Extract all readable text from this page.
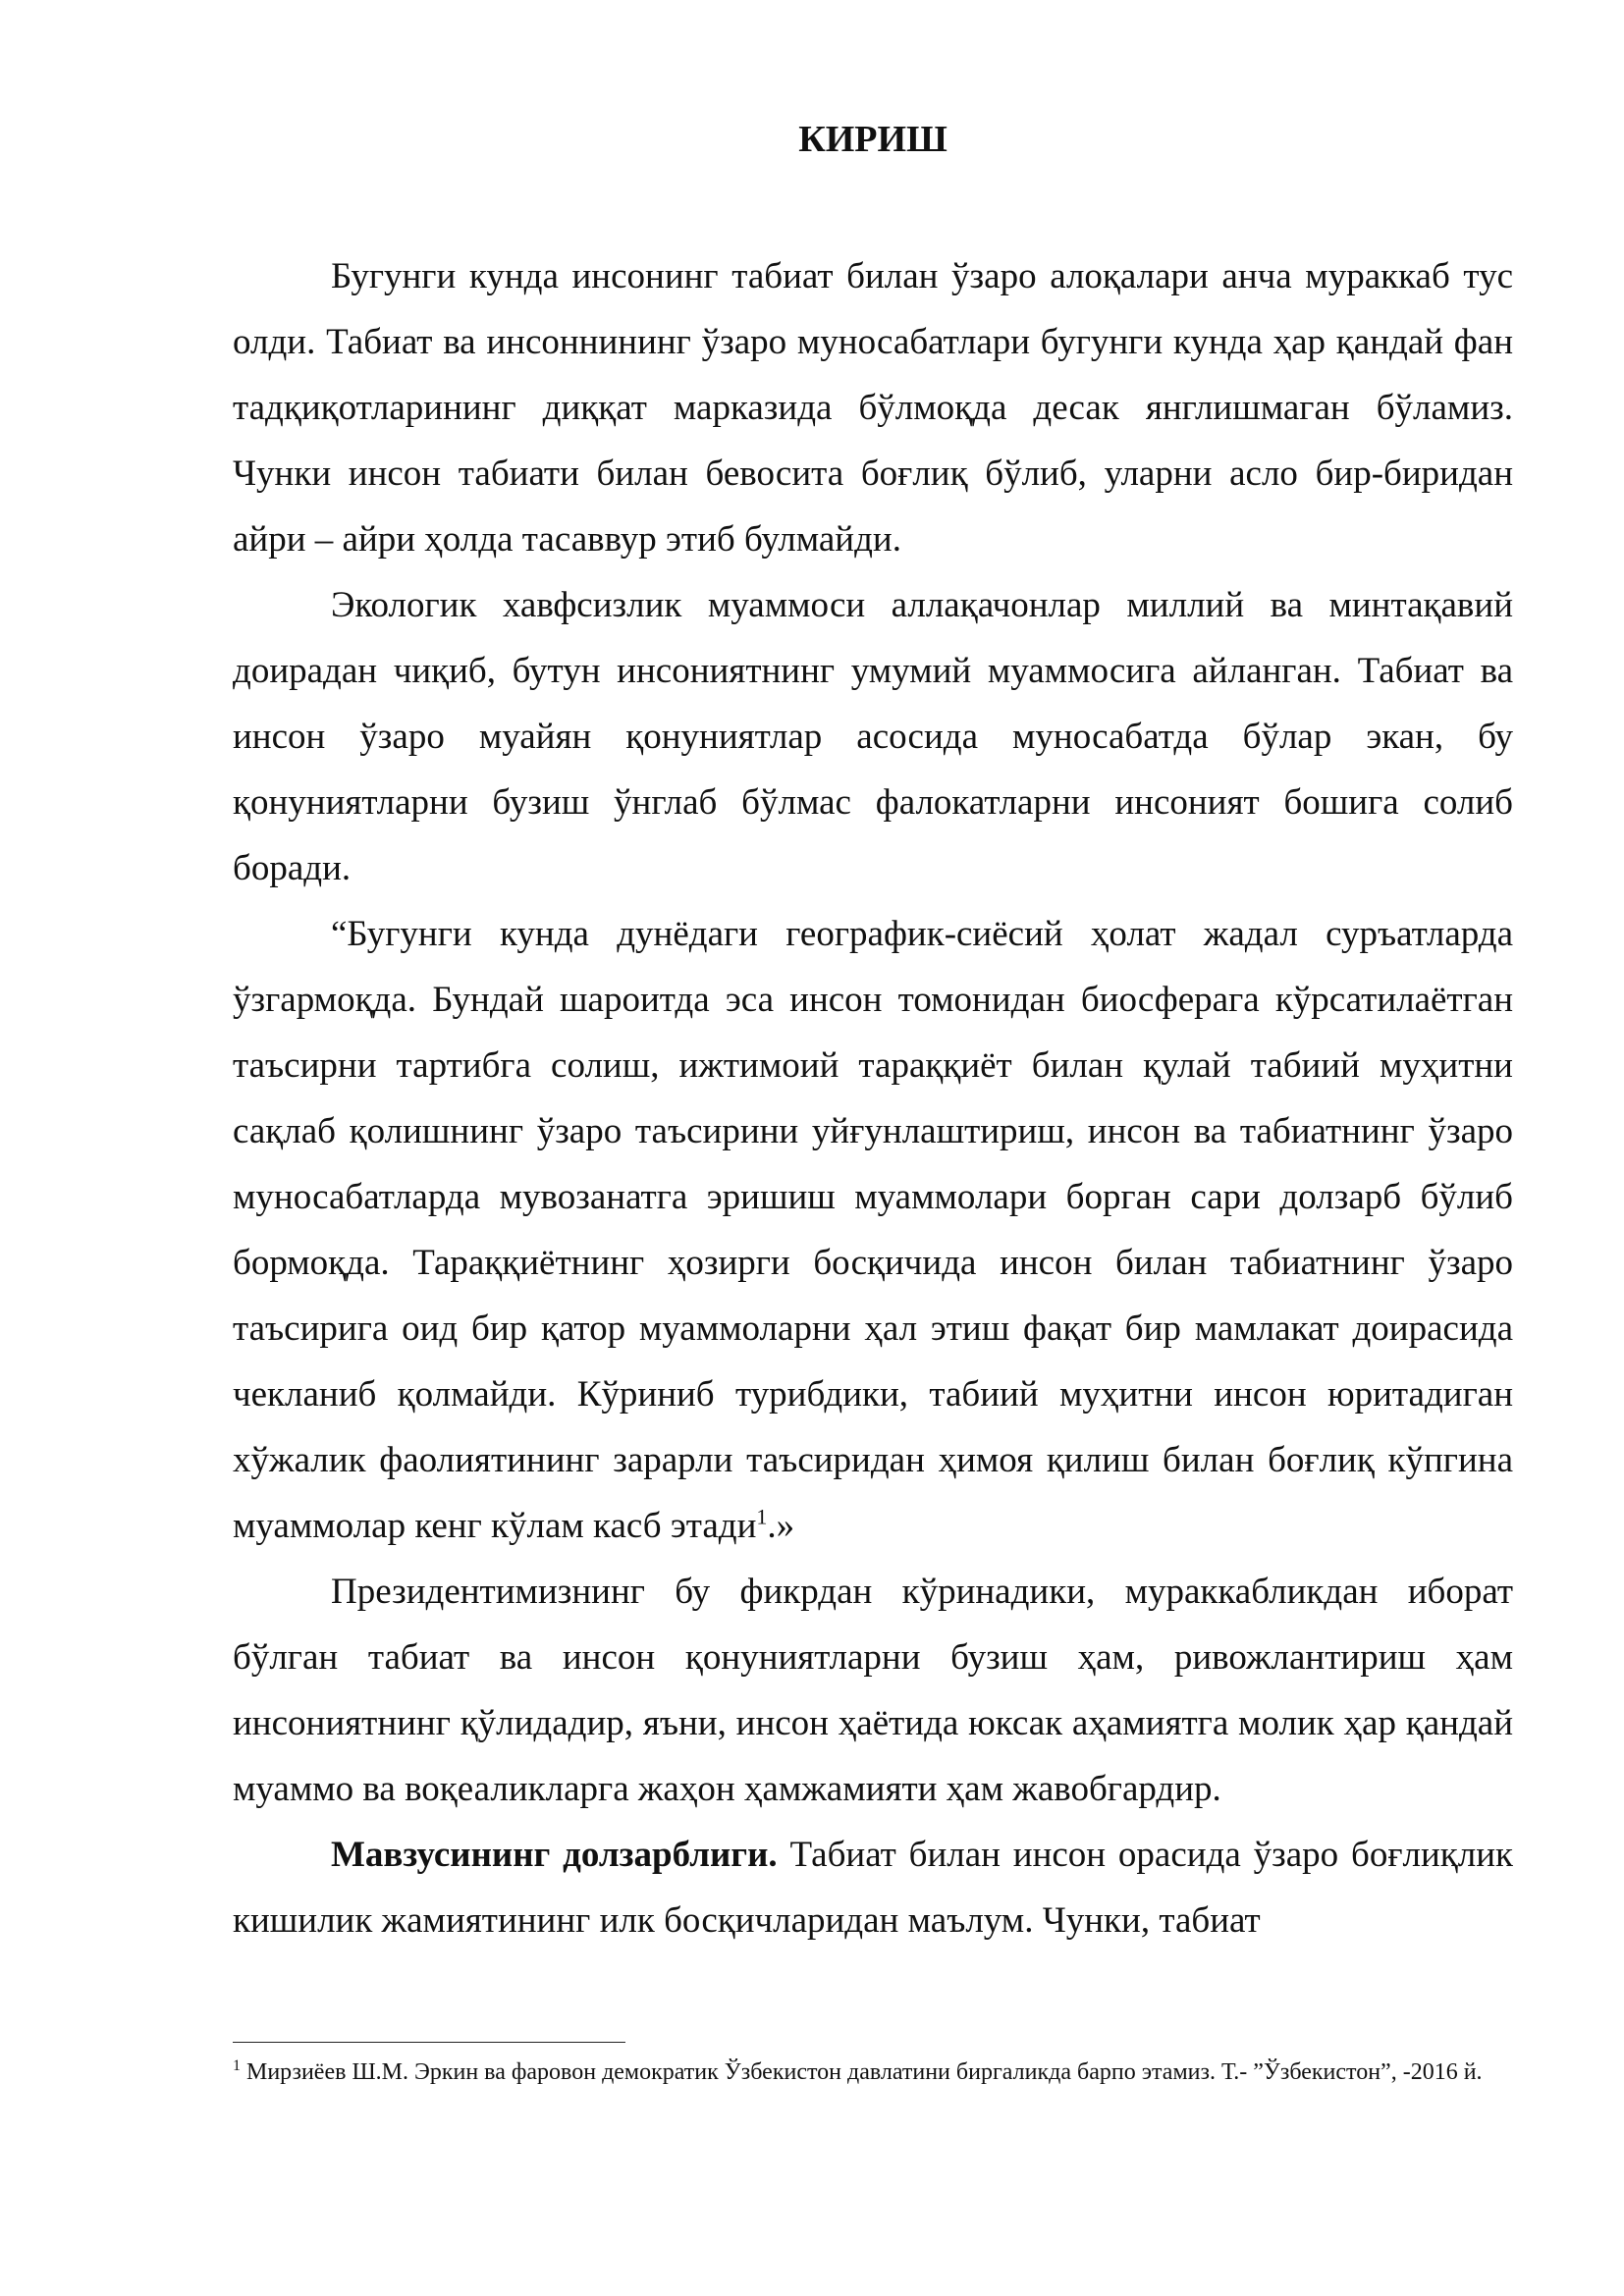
КИРИШ

Бугунги кунда инсонинг табиат билан ўзаро алоқалари анча мураккаб тус олди. Табиат ва инсоннининг ўзаро муносабатлари бугунги кунда ҳар қандай фан тадқиқотларининг диққат марказида бўлмоқда десак янглишмаган бўламиз. Чунки инсон табиати билан бевосита боғлиқ бўлиб, уларни асло бир-биридан айри – айри ҳолда тасаввур этиб булмайди.

Экологик хавфсизлик муаммоси аллақачонлар миллий ва минтақавий доирадан чиқиб, бутун инсониятнинг умумий муаммосига айланган. Табиат ва инсон ўзаро муайян қонуниятлар асосида муносабатда бўлар экан, бу қонуниятларни бузиш ўнглаб бўлмас фалокатларни инсоният бошига солиб боради.

“Бугунги кунда дунёдаги географик-сиёсий ҳолат жадал суръатларда ўзгармоқда. Бундай шароитда эса инсон томонидан биосферага кўрсатилаётган таъсирни тартибга солиш, ижтимоий тараққиёт билан қулай табиий муҳитни сақлаб қолишнинг ўзаро таъсирини уйғунлаштириш, инсон ва табиатнинг ўзаро муносабатларда мувозанатга эришиш муаммолари борган сари долзарб бўлиб бормоқда. Тараққиётнинг ҳозирги босқичида инсон билан табиатнинг ўзаро таъсирига оид бир қатор муаммоларни ҳал этиш фақат бир мамлакат доирасида чекланиб қолмайди. Кўриниб турибдики, табиий муҳитни инсон юритадиган хўжалик фаолиятининг зарарли таъсиридан ҳимоя қилиш билан боғлиқ кўпгина муаммолар кенг кўлам касб этади$^1$.»

Президентимизнинг бу фикрдан кўринадики, мураккабликдан иборат бўлган табиат ва инсон қонуниятларни бузиш ҳам, ривожлантириш ҳам инсониятнинг қўлидадир, яъни, инсон ҳаётида юксак аҳамиятга молик ҳар қандай муаммо ва воқеаликларга жаҳон ҳамжамияти ҳам жавобгардир.

Мавзусининг долзарблиги. Табиат билан инсон орасида ўзаро боғлиқлик кишилик жамиятининг илк босқичларидан маълум. Чунки, табиат

$^1$ Мирзиёев Ш.М. Эркин ва фаровон демократик Ўзбекистон давлатини биргаликда барпо этамиз. Т.- ”Ўзбекистон”, -2016 й.
